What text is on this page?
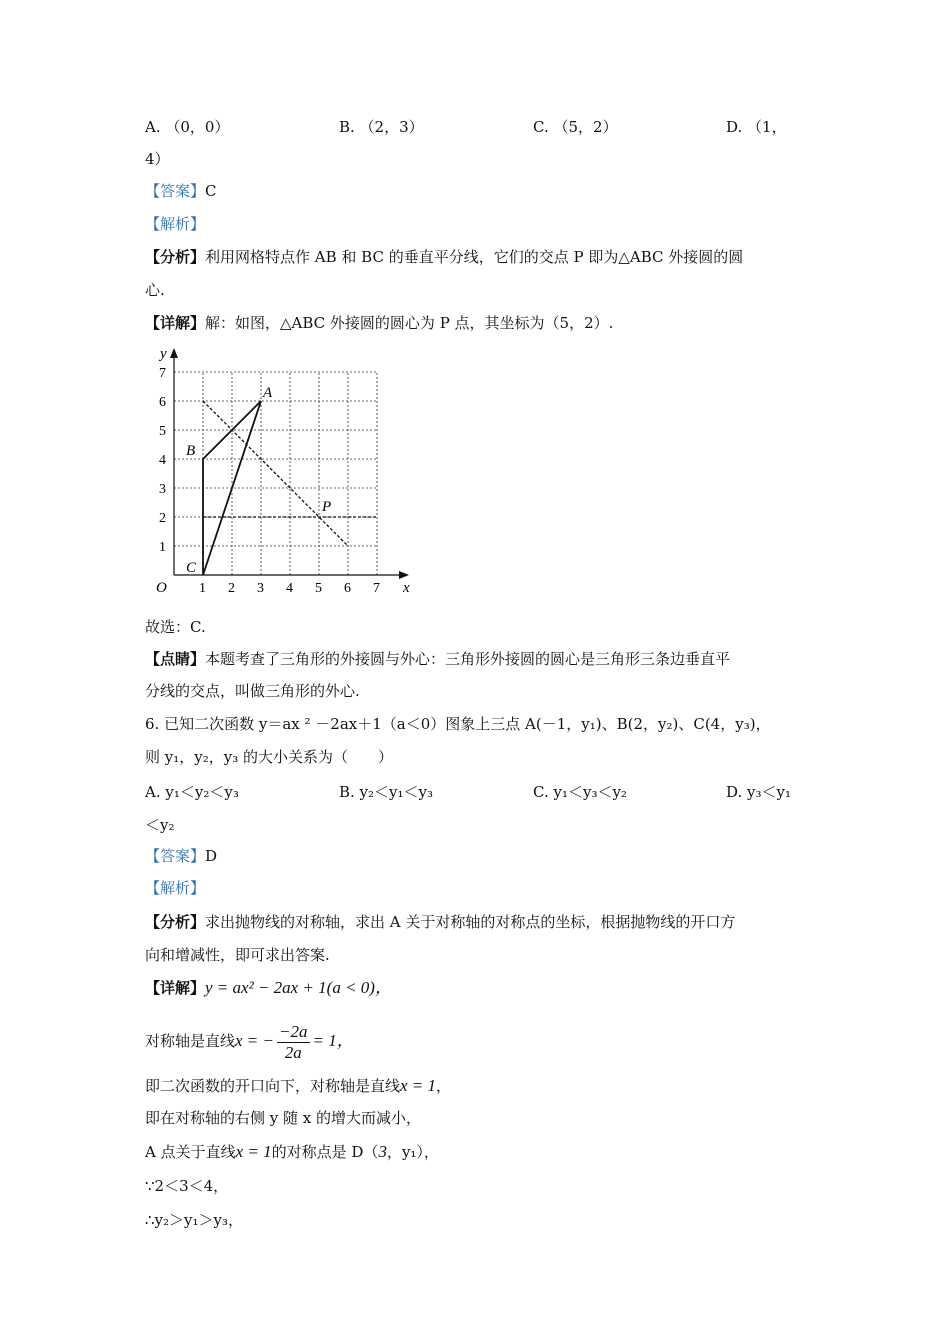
A. （0，0）	B. （2，3）	C. （5，2）	D. （1，
4）
【答案】C
【解析】
【分析】利用网格特点作 AB 和 BC 的垂直平分线，它们的交点 P 即为△ABC 外接圆的圆
心.
【详解】解：如图，△ABC 外接圆的圆心为 P 点，其坐标为（5，2）.
x
y
O 1 2 3 4 5 6 7
1
2
3
4
5
6
7
A
B
C
P
故选：C.
【点睛】本题考查了三角形的外接圆与外心：三角形外接圆的圆心是三角形三条边垂直平
分线的交点，叫做三角形的外心.
6. 已知二次函数 y＝ax ² －2ax＋1（a＜0）图象上三点 A(－1，y₁)、B(2，y₂)、C(4，y₃)，
则 y₁，y₂，y₃ 的大小关系为（　　）
A. y₁＜y₂＜y₃	B. y₂＜y₁＜y₃	C. y₁＜y₃＜y₂	D. y₃＜y₁
＜y₂
【答案】D
【解析】
【分析】求出抛物线的对称轴，求出 A 关于对称轴的对称点的坐标，根据抛物线的开口方
向和增减性，即可求出答案.
【详解】y = ax² − 2ax + 1(a < 0)，
对称轴是直线x = − $\frac{-2a}{2a} = 1$，
即二次函数的开口向下，对称轴是直线x = 1，
即在对称轴的右侧 y 随 x 的增大而减小，
A 点关于直线x = 1的对称点是 D（3，y₁），
∵2＜3＜4，
∴y₂＞y₁＞y₃，
